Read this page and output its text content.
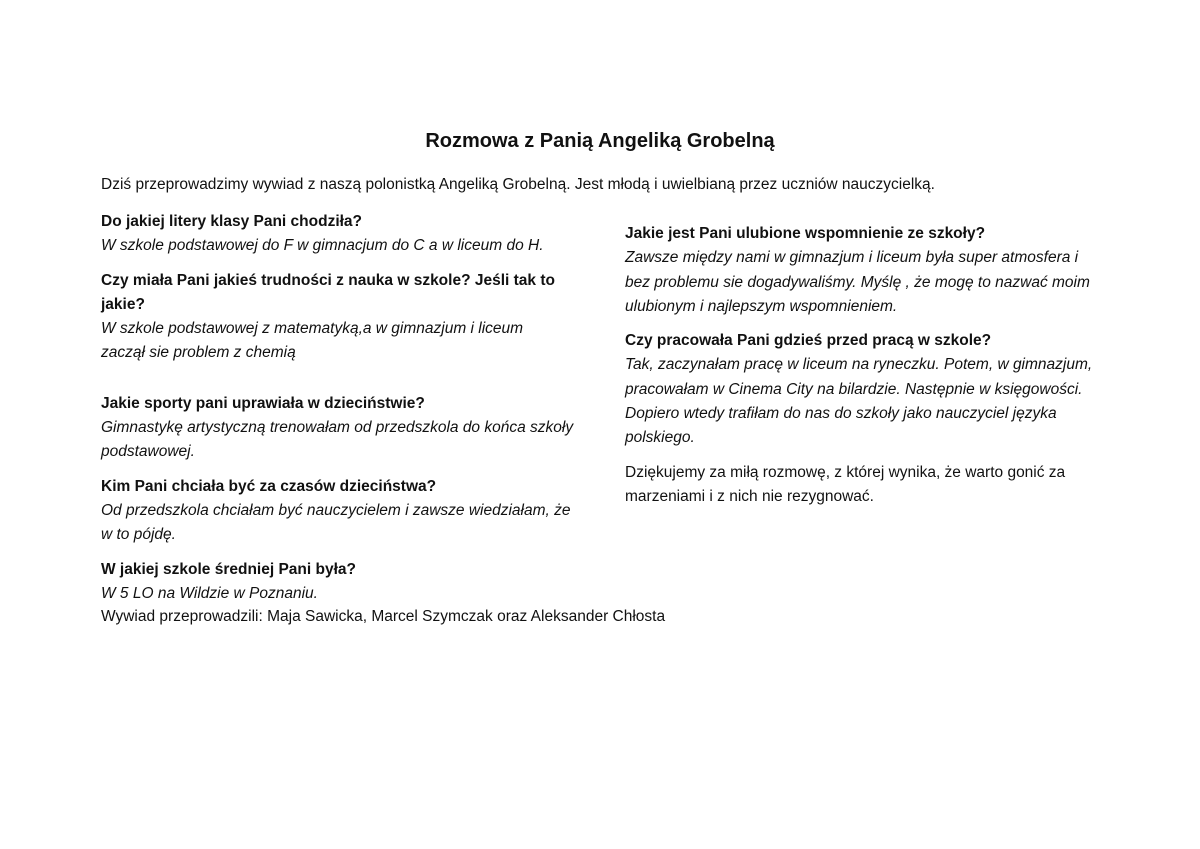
Rozmowa z Panią Angeliką Grobelną
Dziś przeprowadzimy wywiad z naszą polonistką Angeliką Grobelną. Jest młodą i uwielbianą przez uczniów nauczycielką.
Do jakiej litery klasy Pani chodziła?
W szkole podstawowej do F w gimnacjum do C a w liceum do H.
Czy miała Pani jakieś trudności z nauka w szkole? Jeśli tak to jakie?
W szkole podstawowej z matematyką,a w gimnazjum i liceum
zaczął sie problem z chemią
Jakie sporty pani uprawiała w dzieciństwie?
Gimnastykę artystyczną trenowałam od przedszkola do końca szkoły
podstawowej.
Kim Pani chciała być za czasów dzieciństwa?
Od przedszkola chciałam być nauczycielem i zawsze wiedziałam, że
w to pójdę.
W jakiej szkole średniej Pani była?
W 5 LO na Wildzie w Poznaniu.
Jakie jest Pani ulubione wspomnienie ze szkoły?
Zawsze między nami w gimnazjum i liceum była super atmosfera i
bez problemu sie dogadywaliśmy. Myślę , że mogę to nazwać moim
ulubionym i najlepszym wspomnieniem.
Czy pracowała Pani gdzieś przed pracą w szkole?
Tak, zaczynałam pracę w liceum na ryneczku. Potem, w gimnazjum,
pracowałam w Cinema City na bilardzie. Następnie w księgowości.
Dopiero wtedy trafiłam do nas do szkoły jako nauczyciel języka
polskiego.
Dziękujemy za miłą rozmowę, z której wynika, że warto gonić za
marzeniami i z nich nie rezygnować.
Wywiad przeprowadzili: Maja Sawicka, Marcel Szymczak oraz Aleksander Chłosta
